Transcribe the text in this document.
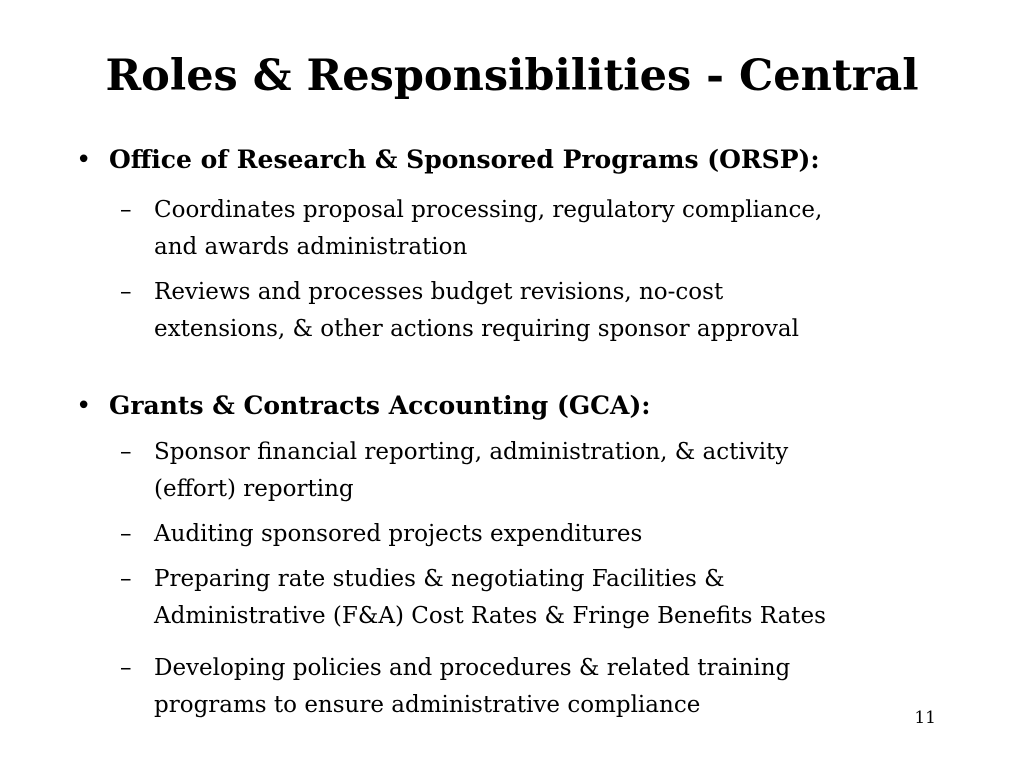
Roles & Responsibilities - Central
• Office of Research & Sponsored Programs (ORSP):
– Coordinates proposal processing, regulatory compliance,
and awards administration
– Reviews and processes budget revisions, no-cost
extensions, & other actions requiring sponsor approval
• Grants & Contracts Accounting (GCA):
– Sponsor financial reporting, administration, & activity
(effort) reporting
– Auditing sponsored projects expenditures
– Preparing rate studies & negotiating Facilities &
Administrative (F&A) Cost Rates & Fringe Benefits Rates
– Developing policies and procedures & related training
programs to ensure administrative compliance	11
